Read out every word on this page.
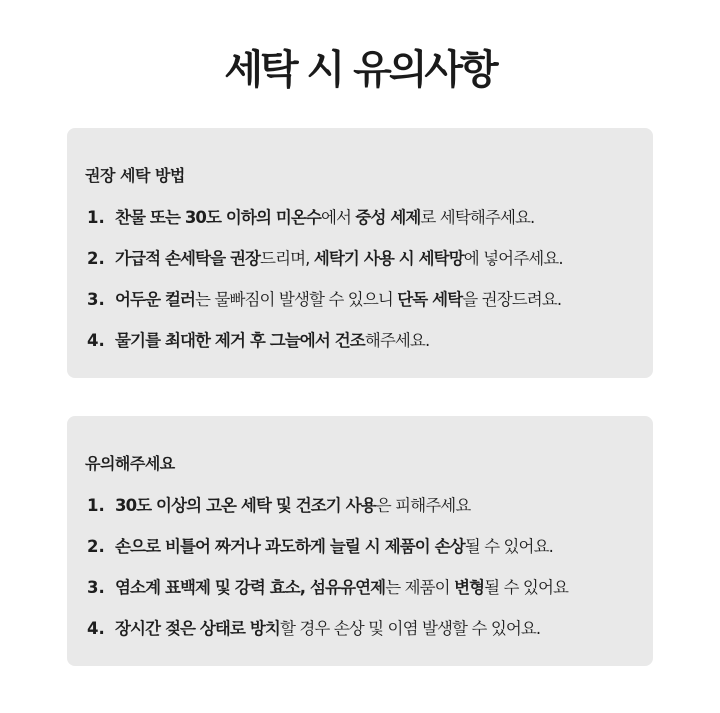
세탁 시 유의사항
권장 세탁 방법
1. 찬물 또는 30도 이하의 미온수에서 중성 세제로 세탁해주세요.
2. 가급적 손세탁을 권장드리며, 세탁기 사용 시 세탁망에 넣어주세요.
3. 어두운 컬러는 물빠짐이 발생할 수 있으니 단독 세탁을 권장드려요.
4. 물기를 최대한 제거 후 그늘에서 건조해주세요.
유의해주세요
1. 30도 이상의 고온 세탁 및 건조기 사용은 피해주세요
2. 손으로 비틀어 짜거나 과도하게 늘릴 시 제품이 손상될 수 있어요.
3. 염소계 표백제 및 강력 효소, 섬유유연제는 제품이 변형될 수 있어요
4. 장시간 젖은 상태로 방치할 경우 손상 및 이염 발생할 수 있어요.
